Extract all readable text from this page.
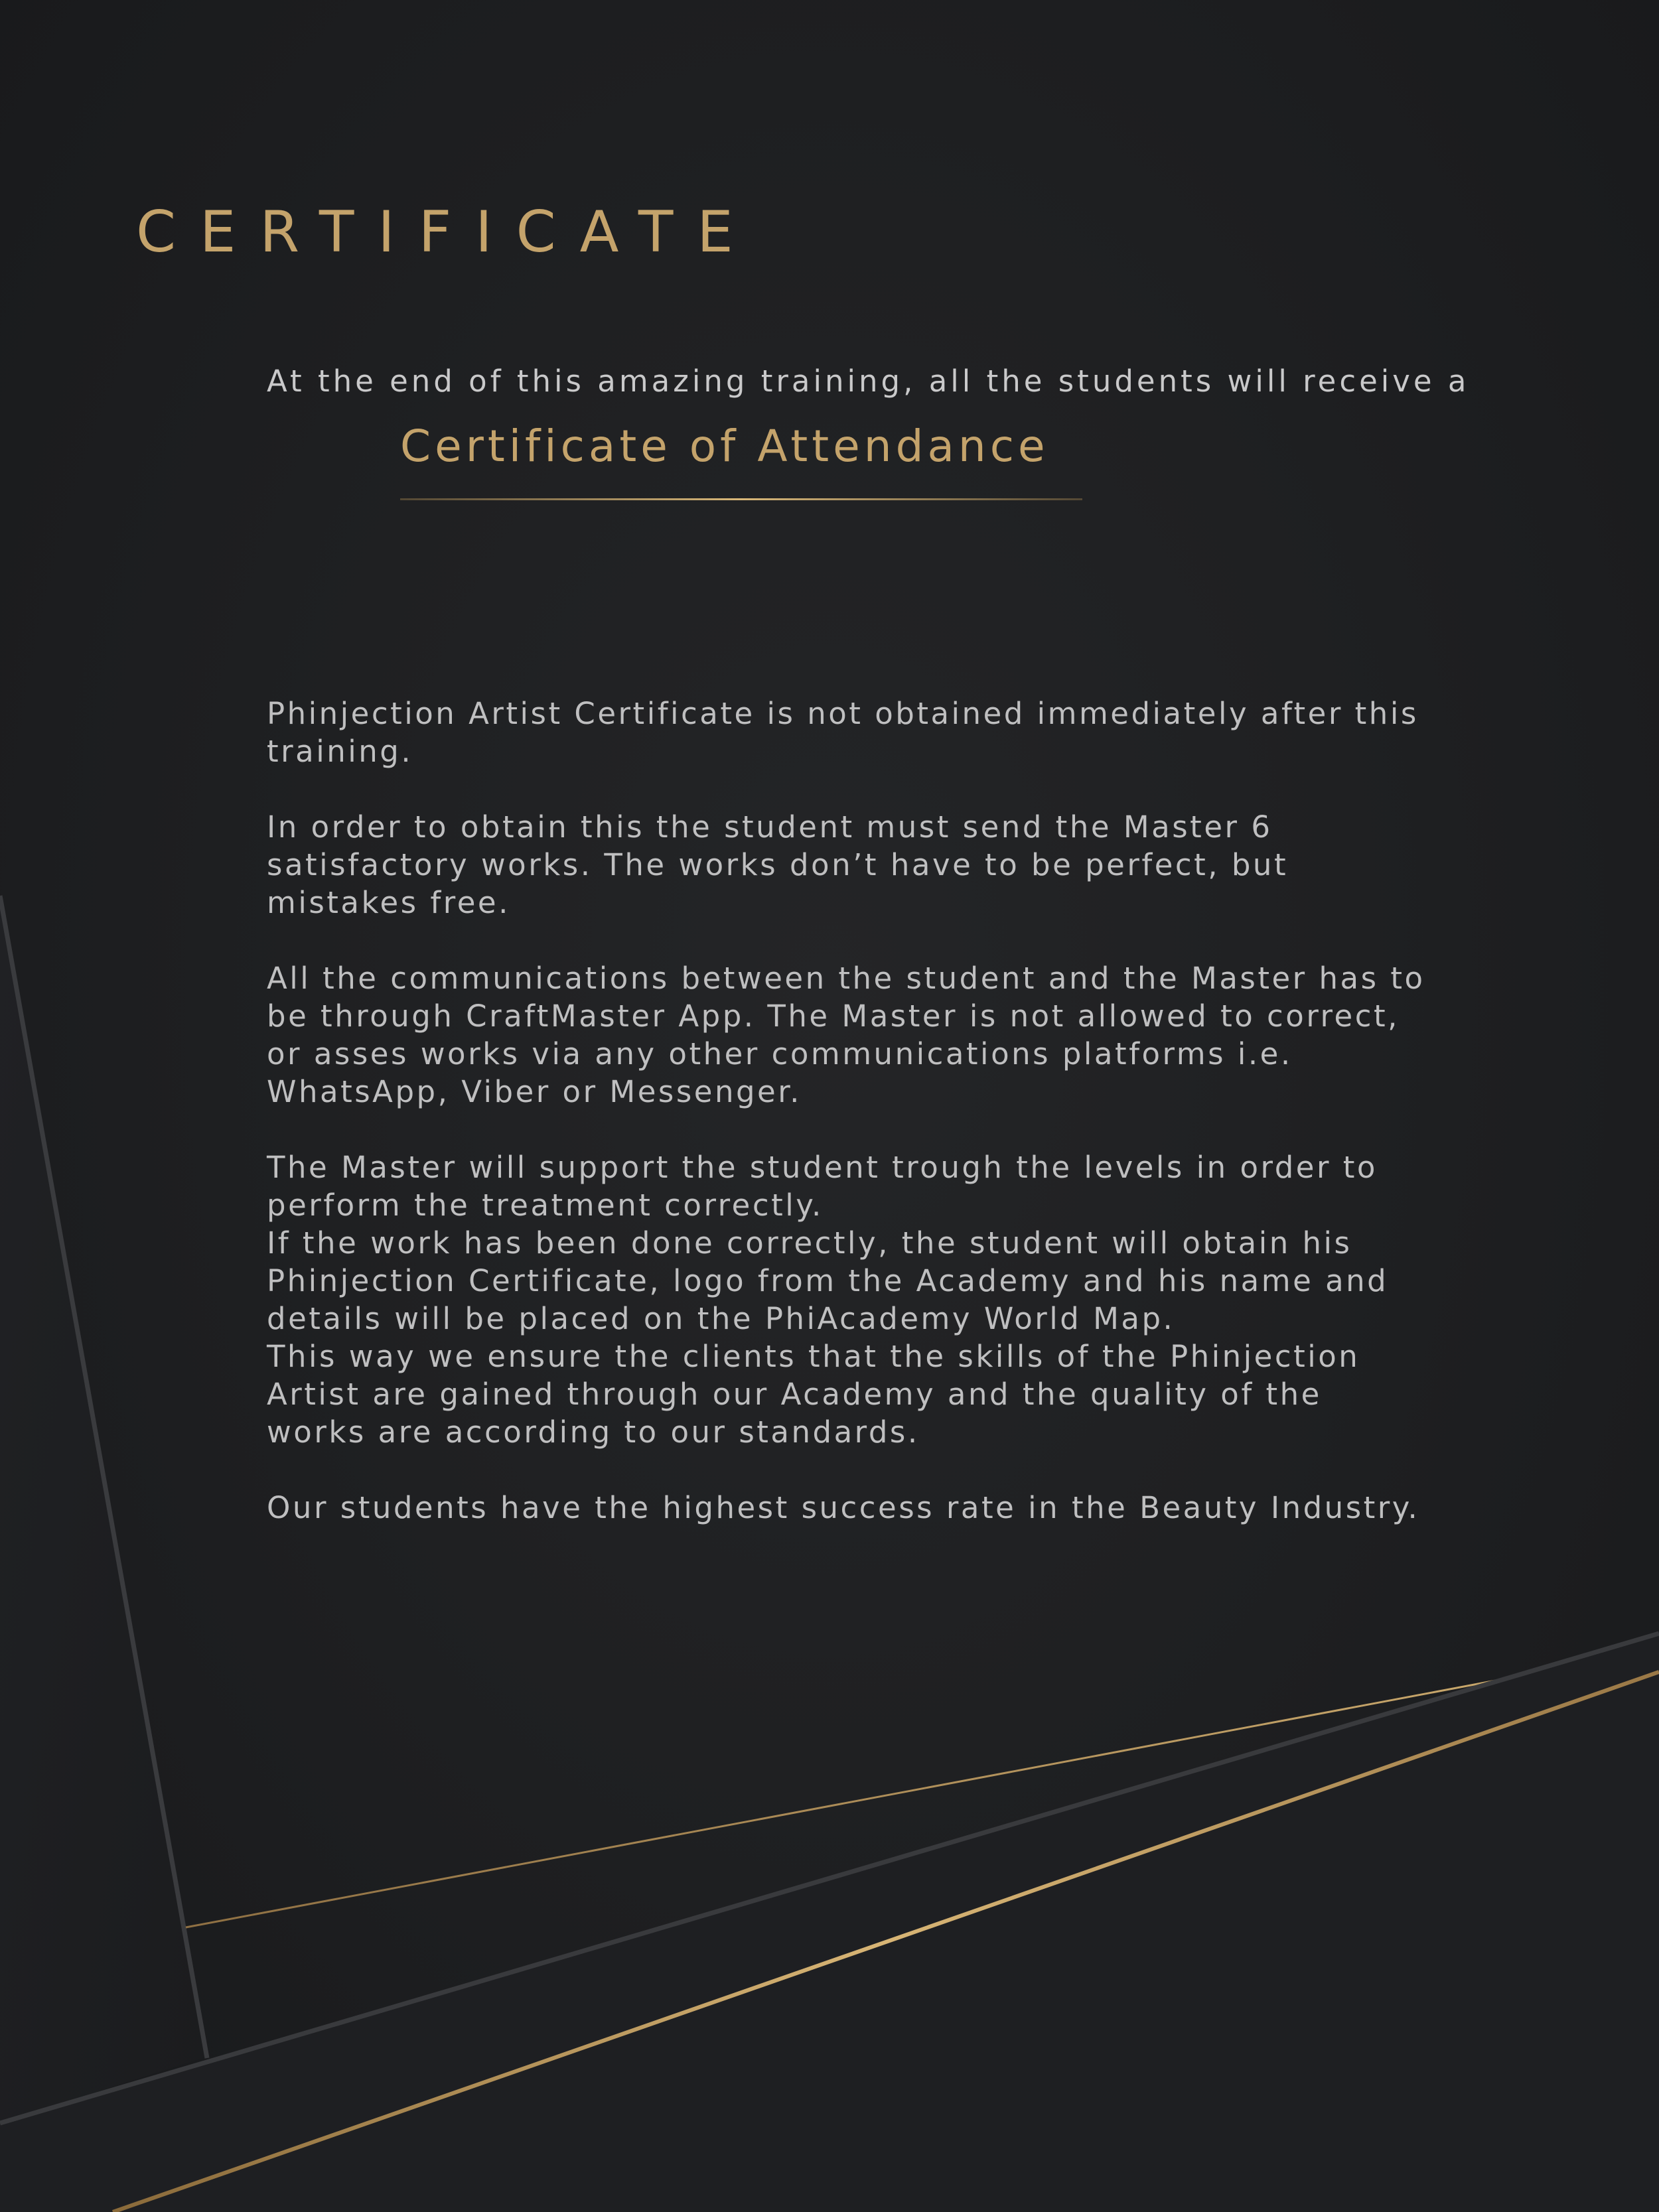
CERTIFICATE
At the end of this amazing training, all the students will receive a
Certificate of Attendance

Phinjection Artist Certificate is not obtained immediately after this
training.

In order to obtain this the student must send the Master 6
satisfactory works. The works don’t have to be perfect, but
mistakes free.

All the communications between the student and the Master has to
be through CraftMaster App. The Master is not allowed to correct,
or asses works via any other communications platforms i.e.
WhatsApp, Viber or Messenger.

The Master will support the student trough the levels in order to
perform the treatment correctly.
If the work has been done correctly, the student will obtain his
Phinjection Certificate, logo from the Academy and his name and
details will be placed on the PhiAcademy World Map.
This way we ensure the clients that the skills of the Phinjection
Artist are gained through our Academy and the quality of the
works are according to our standards.

Our students have the highest success rate in the Beauty Industry.
